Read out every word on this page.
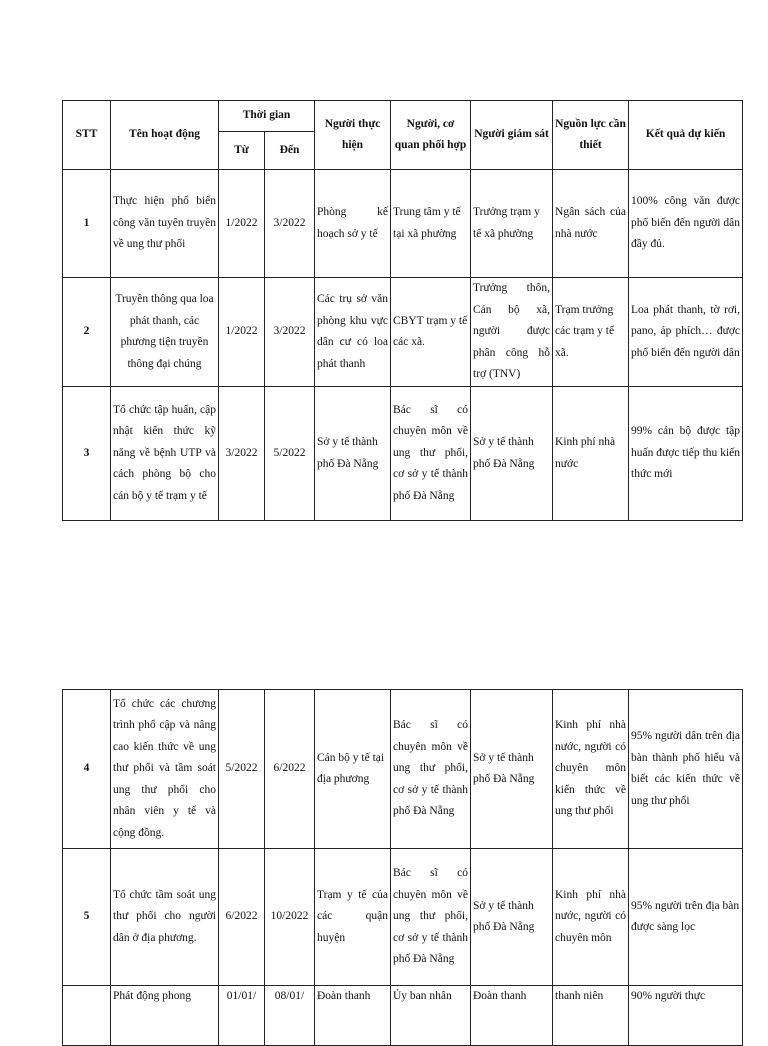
STT	Tên hoạt động	Thời gian		Người thực hiện	Người, cơ quan phối hợp	Người giám sát	Nguồn lực cần thiết	Kết quả dự kiến
		Từ	Đến					
1	Thực hiện phổ biến công văn tuyên truyền về ung thư phổi	1/2022	3/2022	Phòng kế hoạch sở y tế	Trung tâm y tế tại xã phường	Trưởng trạm y tế xã phường	Ngân sách của nhà nước	100% công văn được phổ biến đến người dân đầy đủ.
2	Truyền thông qua loa phát thanh, các phương tiện truyền thông đại chúng	1/2022	3/2022	Các trụ sở văn phòng khu vực dân cư có loa phát thanh	CBYT trạm y tế các xã.	Trưởng thôn, Cán bộ xã, người được phân công hỗ trợ (TNV)	Trạm trưởng các trạm y tế xã.	Loa phát thanh, tờ rơi, pano, áp phích… được phổ biến đến người dân
3	Tổ chức tập huấn, cập nhật kiến thức kỹ năng về bệnh UTP và cách phòng bộ cho cán bộ y tế trạm y tế	3/2022	5/2022	Sở y tế thành phố Đà Nẵng	Bác sĩ có chuyên môn về ung thư phổi, cơ sở y tế thành phố Đà Nẵng	Sở y tế thành phố Đà Nẵng	Kinh phí nhà nước	99% cán bộ được tập huấn được tiếp thu kiến thức mới
4	Tổ chức các chương trình phổ cập và nâng cao kiến thức về ung thư phổi và tầm soát ung thư phổi cho nhân viên y tế và cộng đồng.	5/2022	6/2022	Cán bộ y tế tại địa phương	Bác sĩ có chuyên môn về ung thư phổi, cơ sở y tế thành phố Đà Nẵng	Sở y tế thành phố Đà Nẵng	Kinh phí nhà nước, người có chuyên môn kiến thức về ung thư phổi	95% người dân trên địa bàn thành phố hiểu và biết các kiến thức về ung thư phổi
5	Tổ chức tầm soát ung thư phổi cho người dân ở địa phương.	6/2022	10/2022	Trạm y tế của các quận huyện	Bác sĩ có chuyên môn về ung thư phổi, cơ sở y tế thành phố Đà Nẵng	Sở y tế thành phố Đà Nẵng	Kinh phí nhà nước, người có chuyên môn	95% người trên địa bàn được sàng lọc
	Phát động phong	01/01/	08/01/	Đoàn thanh	Ủy ban nhân	Đoàn thanh	thanh niên	90% người thực
